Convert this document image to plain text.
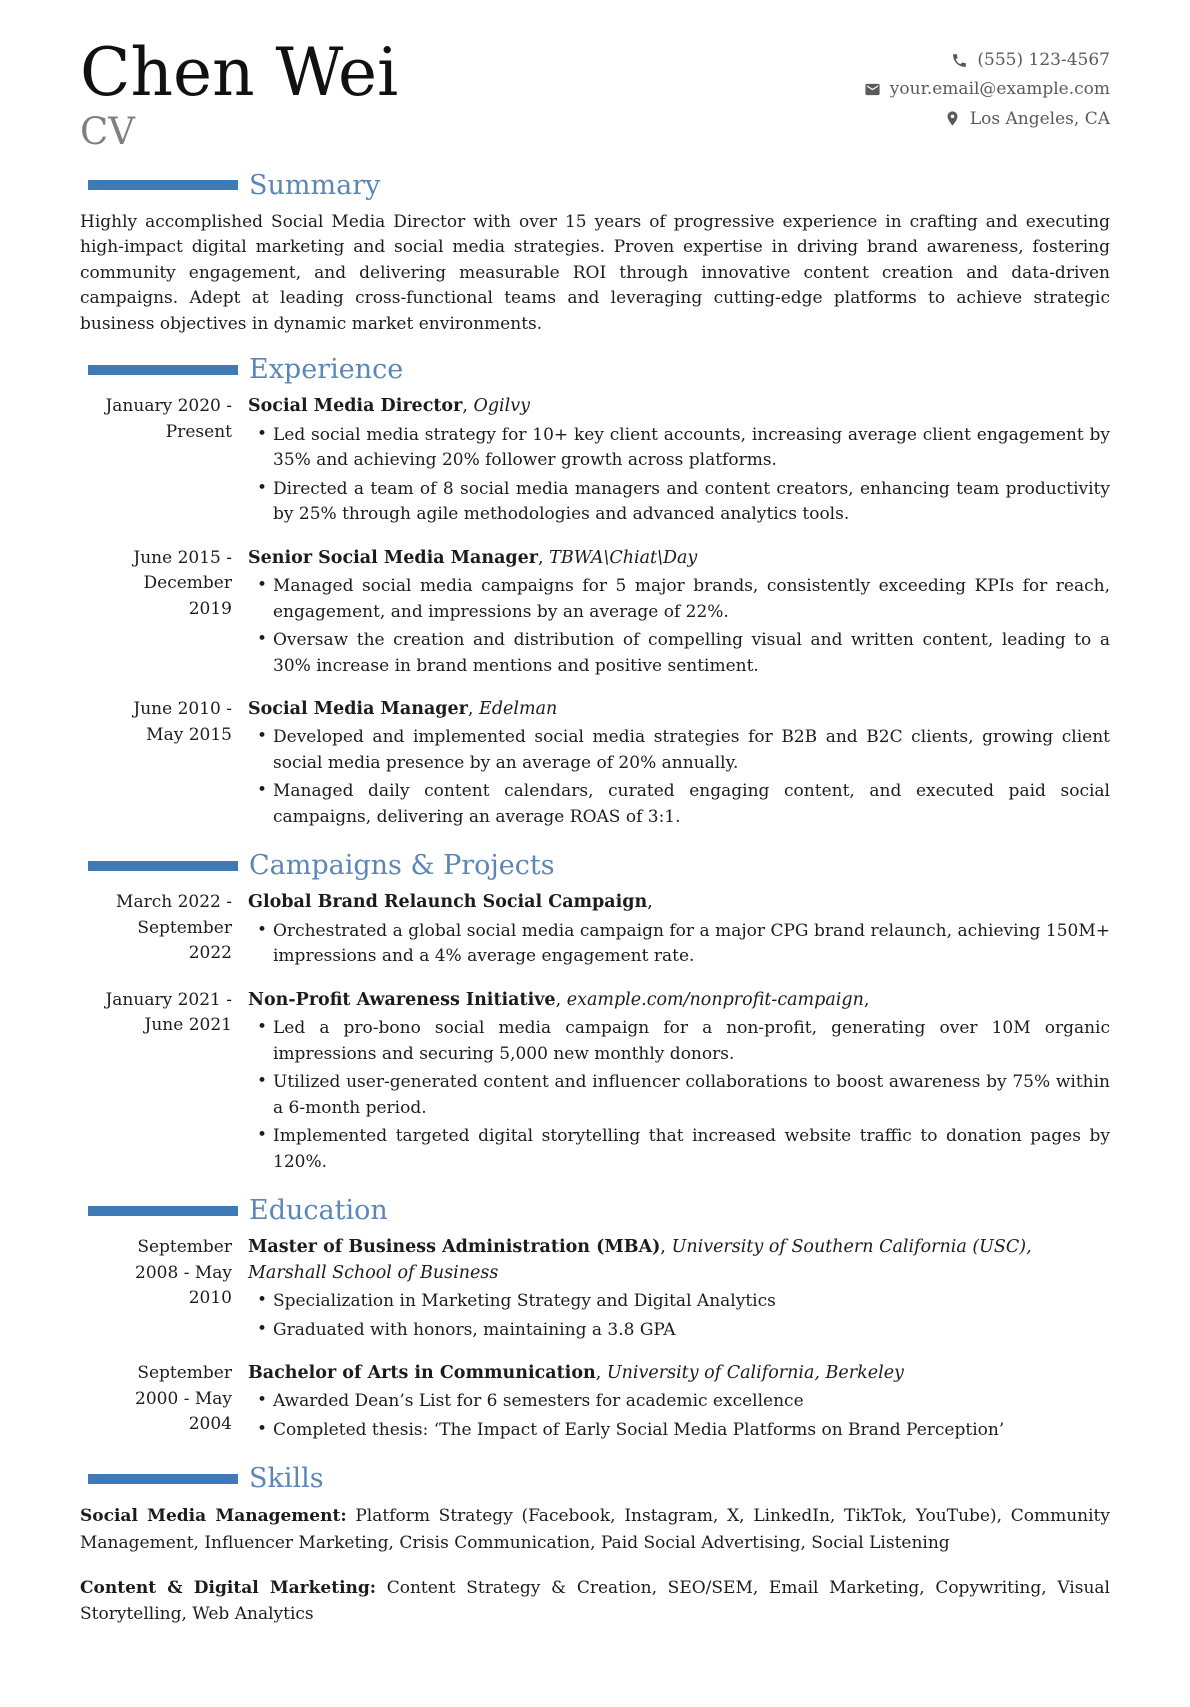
Chen Wei
CV
(555) 123-4567
your.email@example.com
Los Angeles, CA
Summary

Highly accomplished Social Media Director with over 15 years of progressive experience in crafting and executing high-impact digital marketing and social media strategies. Proven expertise in driving brand awareness, fostering community engagement, and delivering measurable ROI through innovative content creation and data-driven campaigns. Adept at leading cross-functional teams and leveraging cutting-edge platforms to achieve strategic business objectives in dynamic market environments.

Experience
January 2020 - Present
Social Media Director, Ogilvy
• Led social media strategy for 10+ key client accounts, increasing average client engagement by 35% and achieving 20% follower growth across platforms.
• Directed a team of 8 social media managers and content creators, enhancing team productivity by 25% through agile methodologies and advanced analytics tools.
June 2015 - December 2019
Senior Social Media Manager, TBWA\Chiat\Day
• Managed social media campaigns for 5 major brands, consistently exceeding KPIs for reach, engagement, and impressions by an average of 22%.
• Oversaw the creation and distribution of compelling visual and written content, leading to a 30% increase in brand mentions and positive sentiment.
June 2010 - May 2015
Social Media Manager, Edelman
• Developed and implemented social media strategies for B2B and B2C clients, growing client social media presence by an average of 20% annually.
• Managed daily content calendars, curated engaging content, and executed paid social campaigns, delivering an average ROAS of 3:1.
Campaigns & Projects
March 2022 - September 2022
Global Brand Relaunch Social Campaign,
• Orchestrated a global social media campaign for a major CPG brand relaunch, achieving 150M+ impressions and a 4% average engagement rate.
January 2021 - June 2021
Non-Profit Awareness Initiative, example.com/nonprofit-campaign,
• Led a pro-bono social media campaign for a non-profit, generating over 10M organic impressions and securing 5,000 new monthly donors.
• Utilized user-generated content and influencer collaborations to boost awareness by 75% within a 6-month period.
• Implemented targeted digital storytelling that increased website traffic to donation pages by 120%.
Education
September 2008 - May 2010
Master of Business Administration (MBA), University of Southern California (USC), Marshall School of Business
• Specialization in Marketing Strategy and Digital Analytics
• Graduated with honors, maintaining a 3.8 GPA
September 2000 - May 2004
Bachelor of Arts in Communication, University of California, Berkeley
• Awarded Dean’s List for 6 semesters for academic excellence
• Completed thesis: ‘The Impact of Early Social Media Platforms on Brand Perception’
Skills

Social Media Management: Platform Strategy (Facebook, Instagram, X, LinkedIn, TikTok, YouTube), Community Management, Influencer Marketing, Crisis Communication, Paid Social Advertising, Social Listening

Content & Digital Marketing: Content Strategy & Creation, SEO/SEM, Email Marketing, Copywriting, Visual Storytelling, Web Analytics
